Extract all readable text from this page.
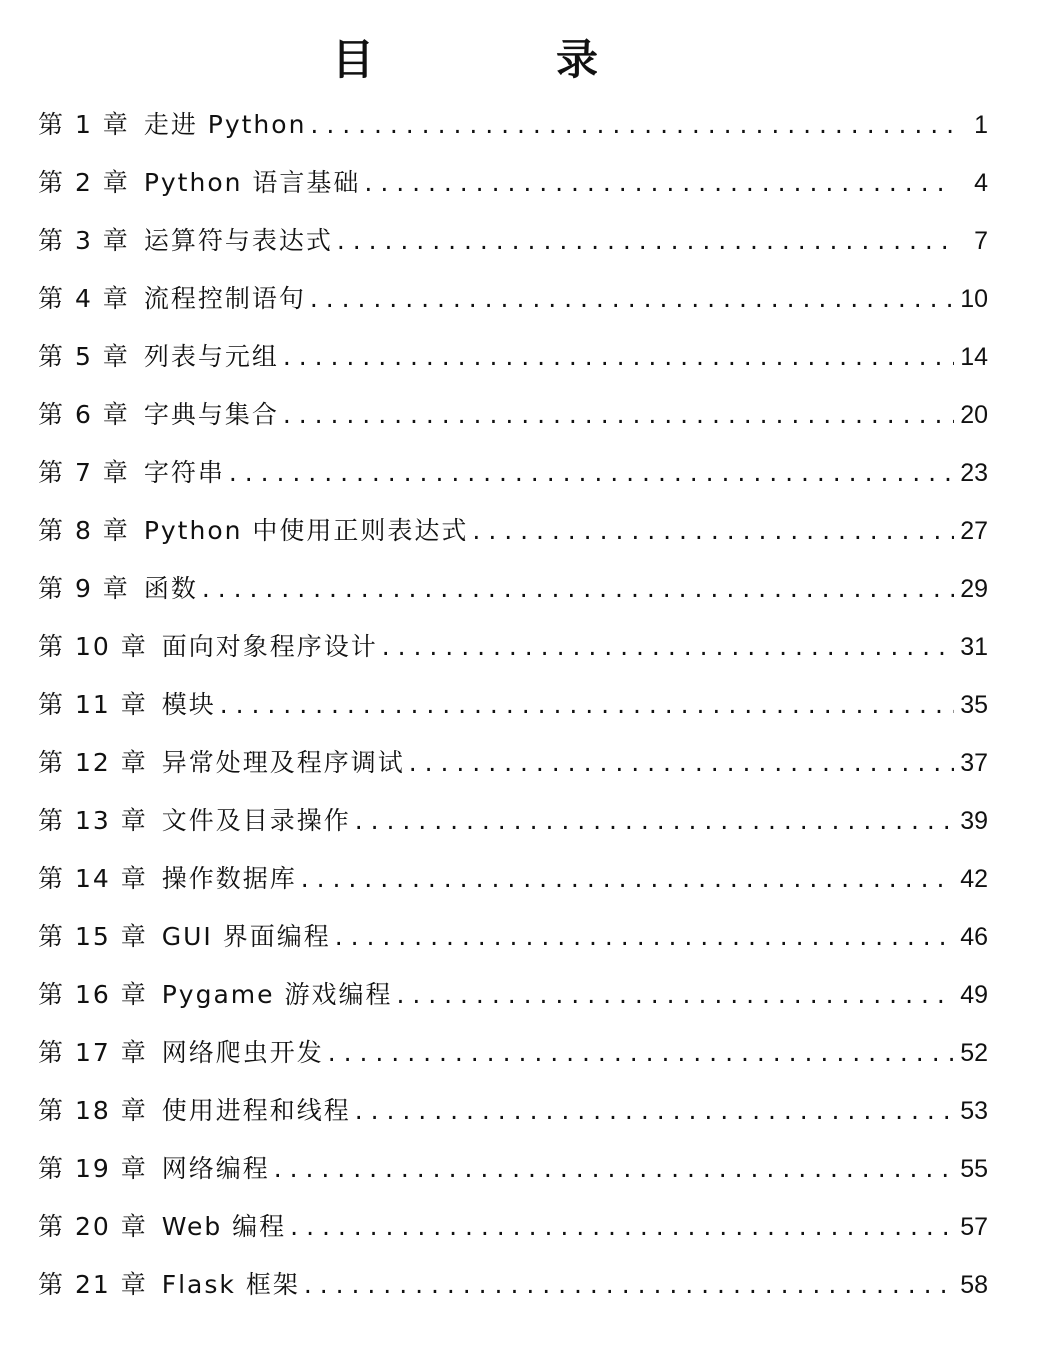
目　录
第 1 章 走进 Python . . .	1
第 2 章 Python 语言基础 . . .	4
第 3 章 运算符与表达式 . . .	7
第 4 章 流程控制语句 . . .	10
第 5 章 列表与元组 . . .	14
第 6 章 字典与集合 . . .	20
第 7 章 字符串 . . .	23
第 8 章 Python 中使用正则表达式 . . .	27
第 9 章 函数 . . .	29
第 10 章 面向对象程序设计 . . .	31
第 11 章 模块 . . .	35
第 12 章 异常处理及程序调试 . . .	37
第 13 章 文件及目录操作 . . .	39
第 14 章 操作数据库 . . .	42
第 15 章 GUI 界面编程 . . .	46
第 16 章 Pygame 游戏编程 . . .	49
第 17 章 网络爬虫开发 . . .	52
第 18 章 使用进程和线程 . . .	53
第 19 章 网络编程 . . .	55
第 20 章 Web 编程 . . .	57
第 21 章 Flask 框架 . . .	58
